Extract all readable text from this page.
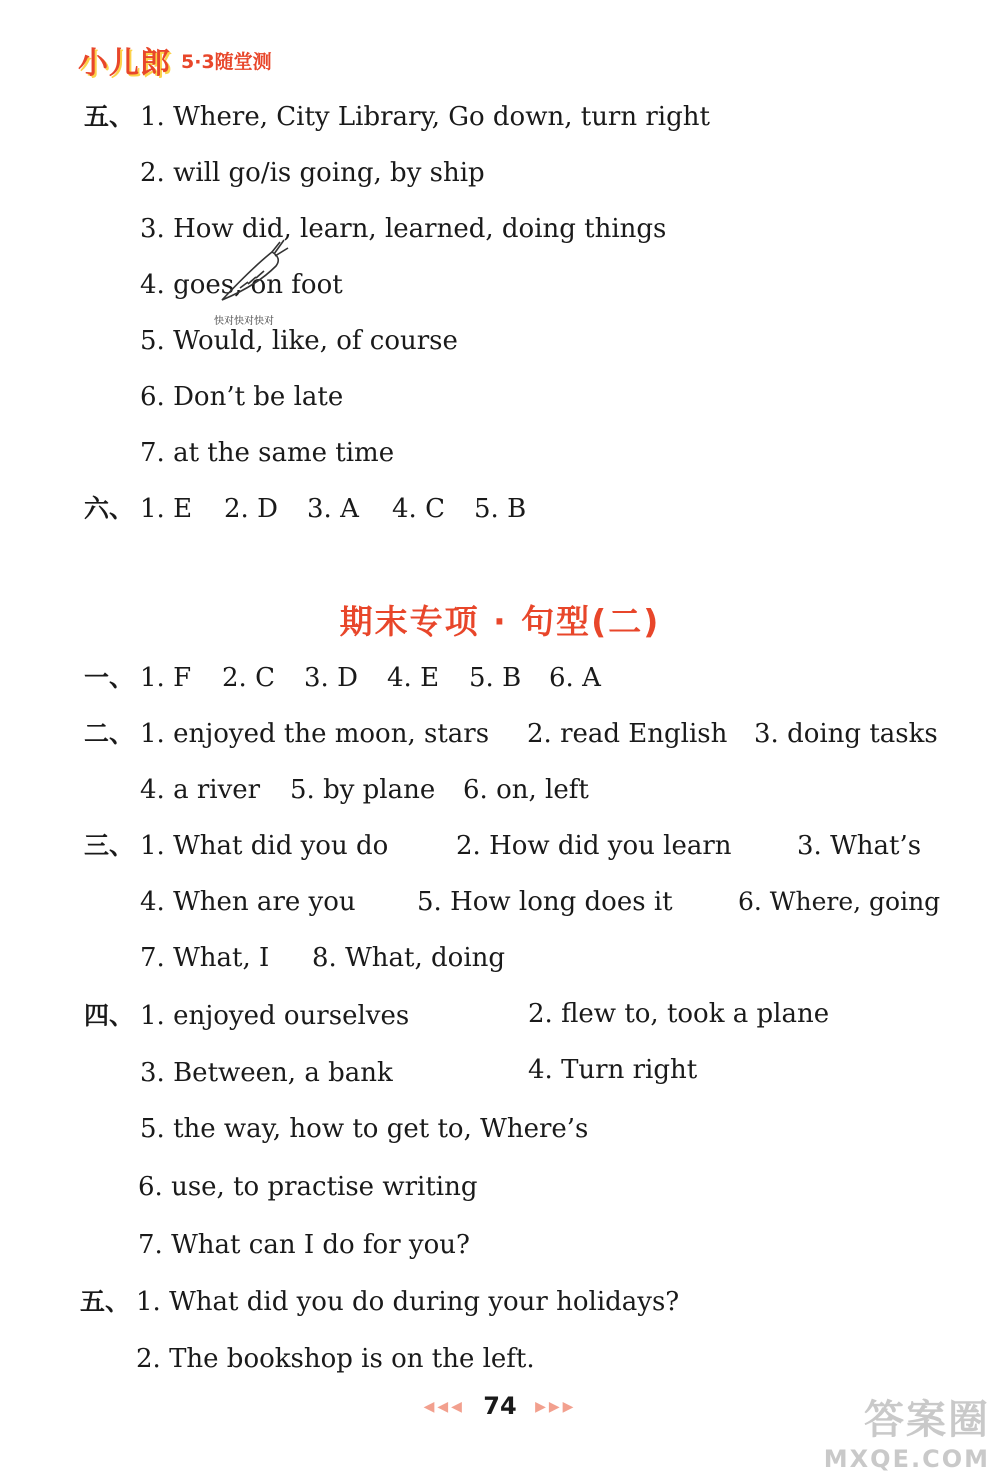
小儿郎 5·3随堂测
五、 1. Where, City Library, Go down, turn right
2. will go/is going, by ship
3. How did, learn, learned, doing things
4. goes, on foot
5. Would, like, of course
6. Don’t be late
7. at the same time
快对快对快对
六、 1. E 2. D 3. A 4. C 5. B
期末专项 · 句型(二)
一、 1. F 2. C 3. D 4. E 5. B 6. A
二、 1. enjoyed the moon, stars 2. read English 3. doing tasks
4. a river 5. by plane 6. on, left
三、 1. What did you do	2. How did you learn	3. What’s
4. When are you 5. How long does it	6. Where, going
7. What, I 8. What, doing
四、 1. enjoyed ourselves	2. flew to, took a plane
3. Between, a bank	4. Turn right
5. the way, how to get to, Where’s
6. use, to practise writing
7. What can I do for you?
五、 1. What did you do during your holidays?
2. The bookshop is on the left.
◀◀◀ 74 ▶▶▶	答案圈
MXQE.COM
